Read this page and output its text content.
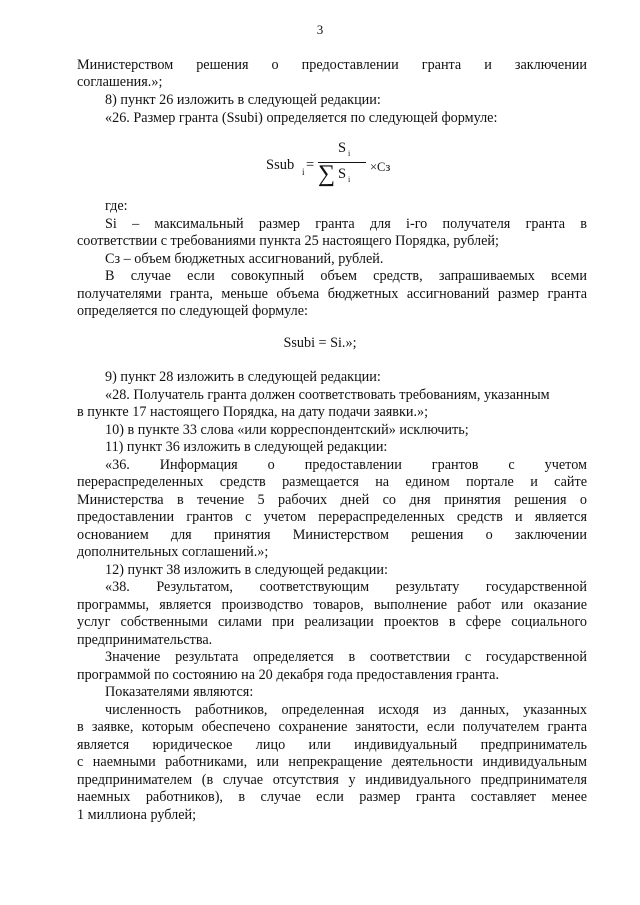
3
Министерством решения о предоставлении гранта и заключении
соглашения.»;
8) пункт 26 изложить в следующей редакции:
«26. Размер гранта (Ssubi) определяется по следующей формуле:
Ssub i =
S i
∑ S i
×Сз
где:
Si – максимальный размер гранта для i-го получателя гранта в
соответствии с требованиями пункта 25 настоящего Порядка, рублей;
Сз – объем бюджетных ассигнований, рублей.
В случае если совокупный объем средств, запрашиваемых всеми
получателями гранта, меньше объема бюджетных ассигнований размер гранта
определяется по следующей формуле:
Ssubi = Si.»;
9) пункт 28 изложить в следующей редакции:
«28. Получатель гранта должен соответствовать требованиям, указанным
в пункте 17 настоящего Порядка, на дату подачи заявки.»;
10) в пункте 33 слова «или корреспондентский» исключить;
11) пункт 36 изложить в следующей редакции:
«36. Информация о предоставлении грантов с учетом
перераспределенных средств размещается на едином портале и сайте
Министерства в течение 5 рабочих дней со дня принятия решения о
предоставлении грантов с учетом перераспределенных средств и является
основанием для принятия Министерством решения о заключении
дополнительных соглашений.»;
12) пункт 38 изложить в следующей редакции:
«38. Результатом, соответствующим результату государственной
программы, является производство товаров, выполнение работ или оказание
услуг собственными силами при реализации проектов в сфере социального
предпринимательства.
Значение результата определяется в соответствии с государственной
программой по состоянию на 20 декабря года предоставления гранта.
Показателями являются:
численность работников, определенная исходя из данных, указанных
в заявке, которым обеспечено сохранение занятости, если получателем гранта
является юридическое лицо или индивидуальный предприниматель
с наемными работниками, или непрекращение деятельности индивидуальным
предпринимателем (в случае отсутствия у индивидуального предпринимателя
наемных работников), в случае если размер гранта составляет менее
1 миллиона рублей;
